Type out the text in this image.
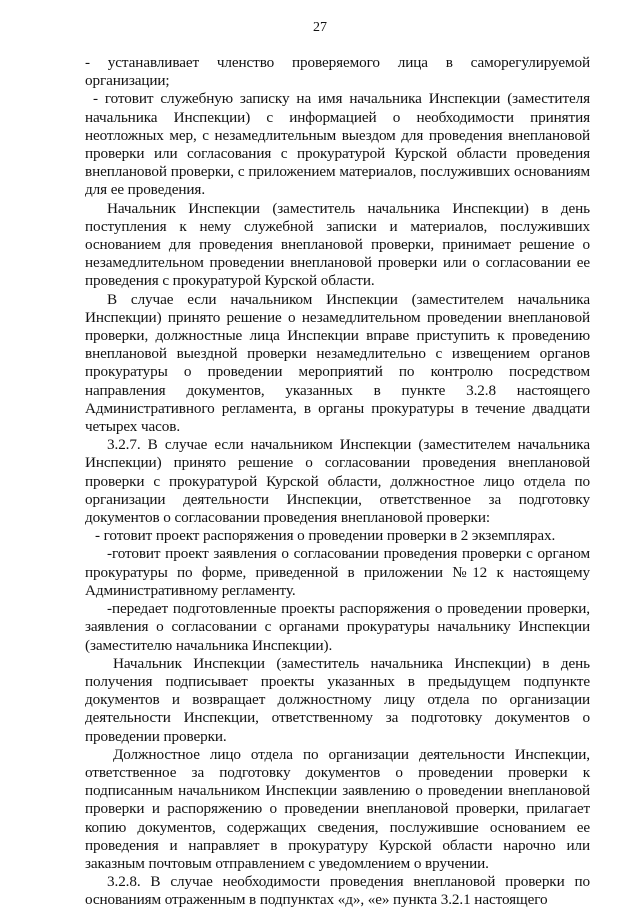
27

- устанавливает членство проверяемого лица в саморегулируемой организации;

- готовит служебную записку на имя начальника Инспекции (заместителя начальника Инспекции) с информацией о необходимости принятия неотложных мер, с незамедлительным выездом для проведения внеплановой проверки или согласования с прокуратурой Курской области проведения внеплановой проверки, с приложением материалов, послуживших основаниям для ее проведения.

Начальник Инспекции (заместитель начальника Инспекции) в день поступления к нему служебной записки и материалов, послуживших основанием для проведения внеплановой проверки, принимает решение о незамедлительном проведении внеплановой проверки или о согласовании ее проведения с прокуратурой Курской области.

В случае если начальником Инспекции (заместителем начальника Инспекции) принято решение о незамедлительном проведении внеплановой проверки, должностные лица Инспекции вправе приступить к проведению внеплановой выездной проверки незамедлительно с извещением органов прокуратуры о проведении мероприятий по контролю посредством направления документов, указанных в пункте 3.2.8 настоящего Административного регламента, в органы прокуратуры в течение двадцати четырех часов.

3.2.7. В случае если начальником Инспекции (заместителем начальника Инспекции) принято решение о согласовании проведения внеплановой проверки с прокуратурой Курской области, должностное лицо отдела по организации деятельности Инспекции, ответственное за подготовку документов о согласовании проведения внеплановой проверки:

- готовит проект распоряжения о проведении проверки в 2 экземплярах.

-готовит проект заявления о согласовании проведения проверки с органом прокуратуры по форме, приведенной в приложении №12 к настоящему Административному регламенту.

-передает подготовленные проекты распоряжения о проведении проверки, заявления о согласовании с органами прокуратуры начальнику Инспекции (заместителю начальника Инспекции).

Начальник Инспекции (заместитель начальника Инспекции) в день получения подписывает проекты указанных в предыдущем подпункте документов и возвращает должностному лицу отдела по организации деятельности Инспекции, ответственному за подготовку документов о проведении проверки.

Должностное лицо отдела по организации деятельности Инспекции, ответственное за подготовку документов о проведении проверки к подписанным начальником Инспекции заявлению о проведении внеплановой проверки и распоряжению о проведении внеплановой проверки, прилагает копию документов, содержащих сведения, послужившие основанием ее проведения и направляет в прокуратуру Курской области нарочно или заказным почтовым отправлением с уведомлением о вручении.

3.2.8. В случае необходимости проведения внеплановой проверки по основаниям отраженным в подпунктах «д», «е» пункта 3.2.1 настоящего
